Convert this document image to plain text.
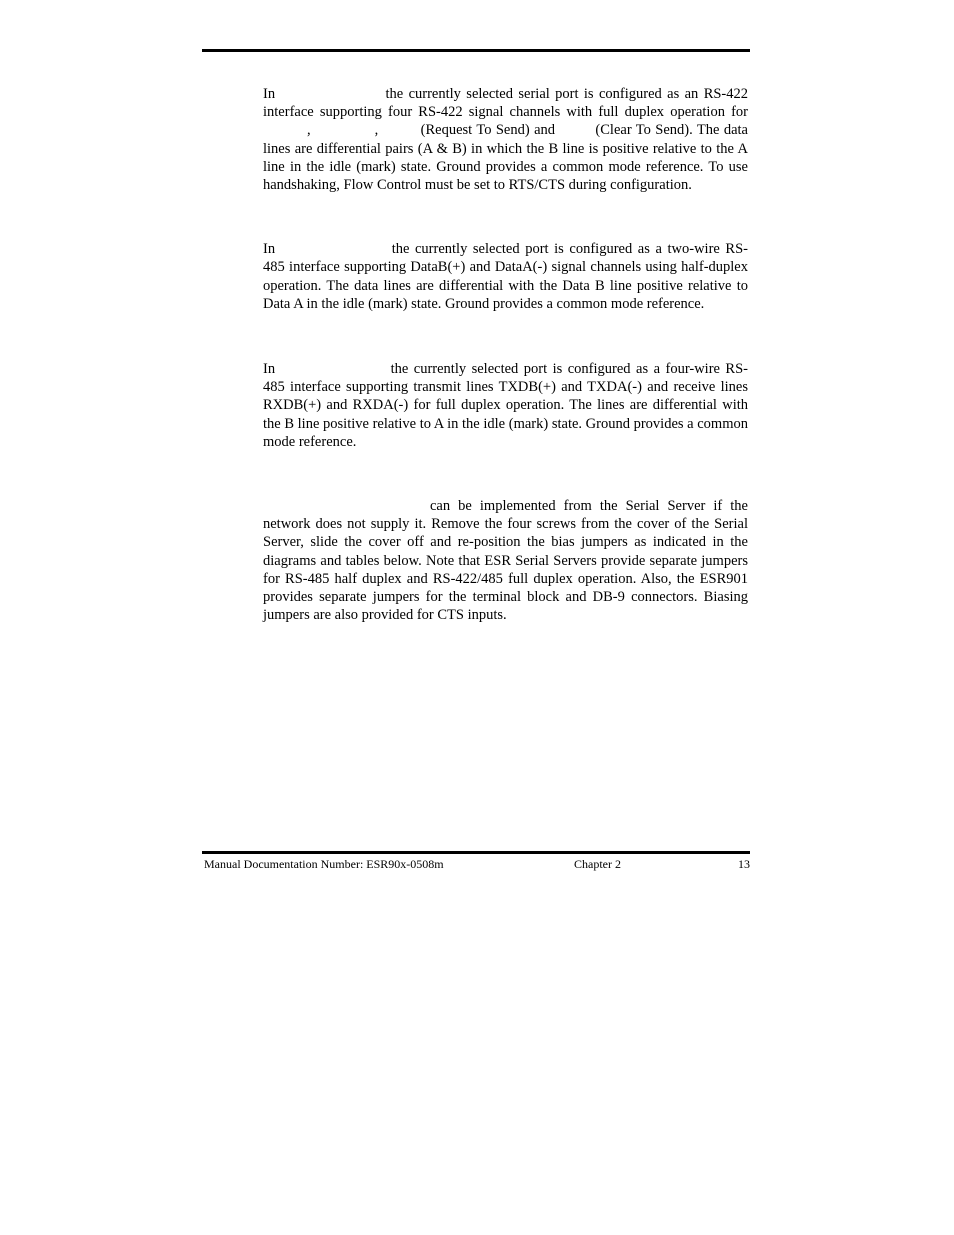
In	the currently selected serial port is configured as an RS-422 interface supporting four RS-422 signal channels with full duplex operation for,	,	(Request To Send) and	(Clear To Send). The data lines are differential pairs (A & B) in which the B line is positive relative to the A line in the idle (mark) state. Ground provides a common mode reference. To use handshaking, Flow Control must be set to RTS/CTS during configuration.

In	the currently selected port is configured as a two-wire RS-485 interface supporting DataB(+) and DataA(-) signal channels using half-duplex operation. The data lines are differential with the Data B line positive relative to Data A in the idle (mark) state. Ground provides a common mode reference.

In	the currently selected port is configured as a four-wire RS-485 interface supporting transmit lines TXDB(+) and TXDA(-) and receive lines RXDB(+) and RXDA(-) for full duplex operation. The lines are differential with the B line positive relative to A in the idle (mark) state. Ground provides a common mode reference.

can be implemented from the Serial Server if the network does not supply it. Remove the four screws from the cover of the Serial Server, slide the cover off and re-position the bias jumpers as indicated in the diagrams and tables below. Note that ESR Serial Servers provide separate jumpers for RS-485 half duplex and RS-422/485 full duplex operation. Also, the ESR901 provides separate jumpers for the terminal block and DB-9 connectors. Biasing jumpers are also provided for CTS inputs.

Manual Documentation Number: ESR90x-0508m	Chapter 2	13
